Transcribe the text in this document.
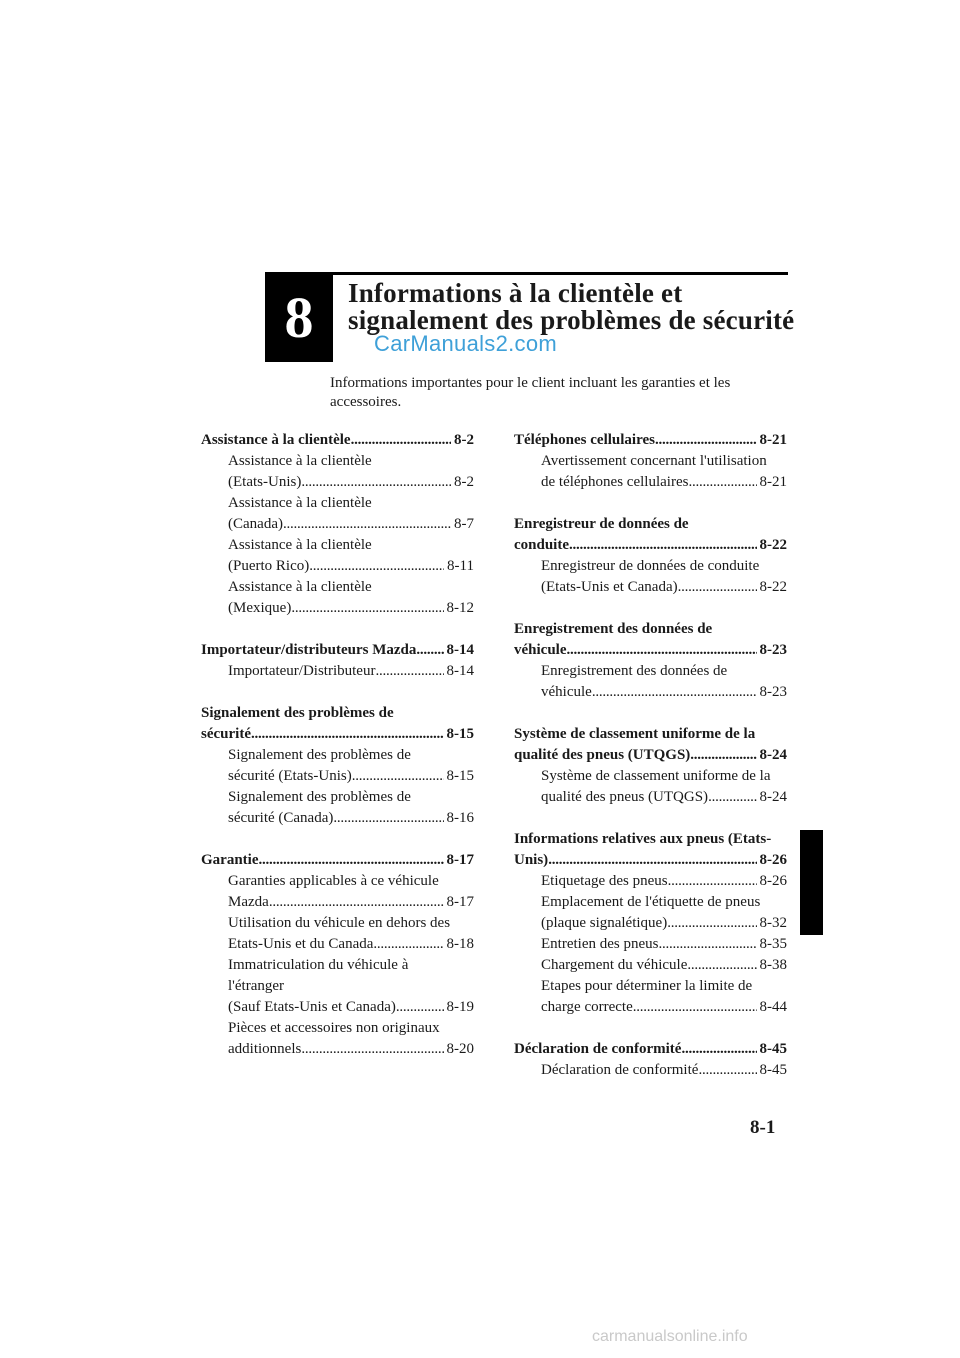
8 Informations à la clientèle et
signalement des problèmes de sécurité
CarManuals2.com
Informations importantes pour le client incluant les garanties et les accessoires.
Assistance à la clientèle . . .	8-2
Assistance à la clientèle
(Etats-Unis) . . .	8-2
Assistance à la clientèle
(Canada) . . .	8-7
Assistance à la clientèle
(Puerto Rico) . . .	8-11
Assistance à la clientèle
(Mexique) . . .	8-12
Importateur/distributeurs Mazda . . . 8-14
Importateur/Distributeur . . .	8-14
Signalement des problèmes de
sécurité . . .	8-15
Signalement des problèmes de
sécurité (Etats-Unis) . . .	8-15
Signalement des problèmes de
sécurité (Canada) . . .	8-16
Garantie . . .	8-17
Garanties applicables à ce véhicule
Mazda . . .	8-17
Utilisation du véhicule en dehors des
Etats-Unis et du Canada . . .	8-18
Immatriculation du véhicule à
l'étranger
(Sauf Etats-Unis et Canada) . . .	8-19
Pièces et accessoires non originaux
additionnels . . .	8-20
Téléphones cellulaires . . .	8-21
Avertissement concernant l'utilisation
de téléphones cellulaires . . .	8-21
Enregistreur de données de
conduite . . .	8-22
Enregistreur de données de conduite
(Etats-Unis et Canada) . . .	8-22
Enregistrement des données de
véhicule . . .	8-23
Enregistrement des données de
véhicule . . .	8-23
Système de classement uniforme de la
qualité des pneus (UTQGS) . . .	8-24
Système de classement uniforme de la
qualité des pneus (UTQGS) . . .	8-24
Informations relatives aux pneus (Etats-
Unis) . . .	8-26
Etiquetage des pneus . . .	8-26
Emplacement de l'étiquette de pneus
(plaque signalétique) . . .	8-32
Entretien des pneus . . .	8-35
Chargement du véhicule . . .	8-38
Etapes pour déterminer la limite de
charge correcte . . .	8-44
Déclaration de conformité . . .	8-45
Déclaration de conformité . . .	8-45
8-1
carmanualsonline.info
